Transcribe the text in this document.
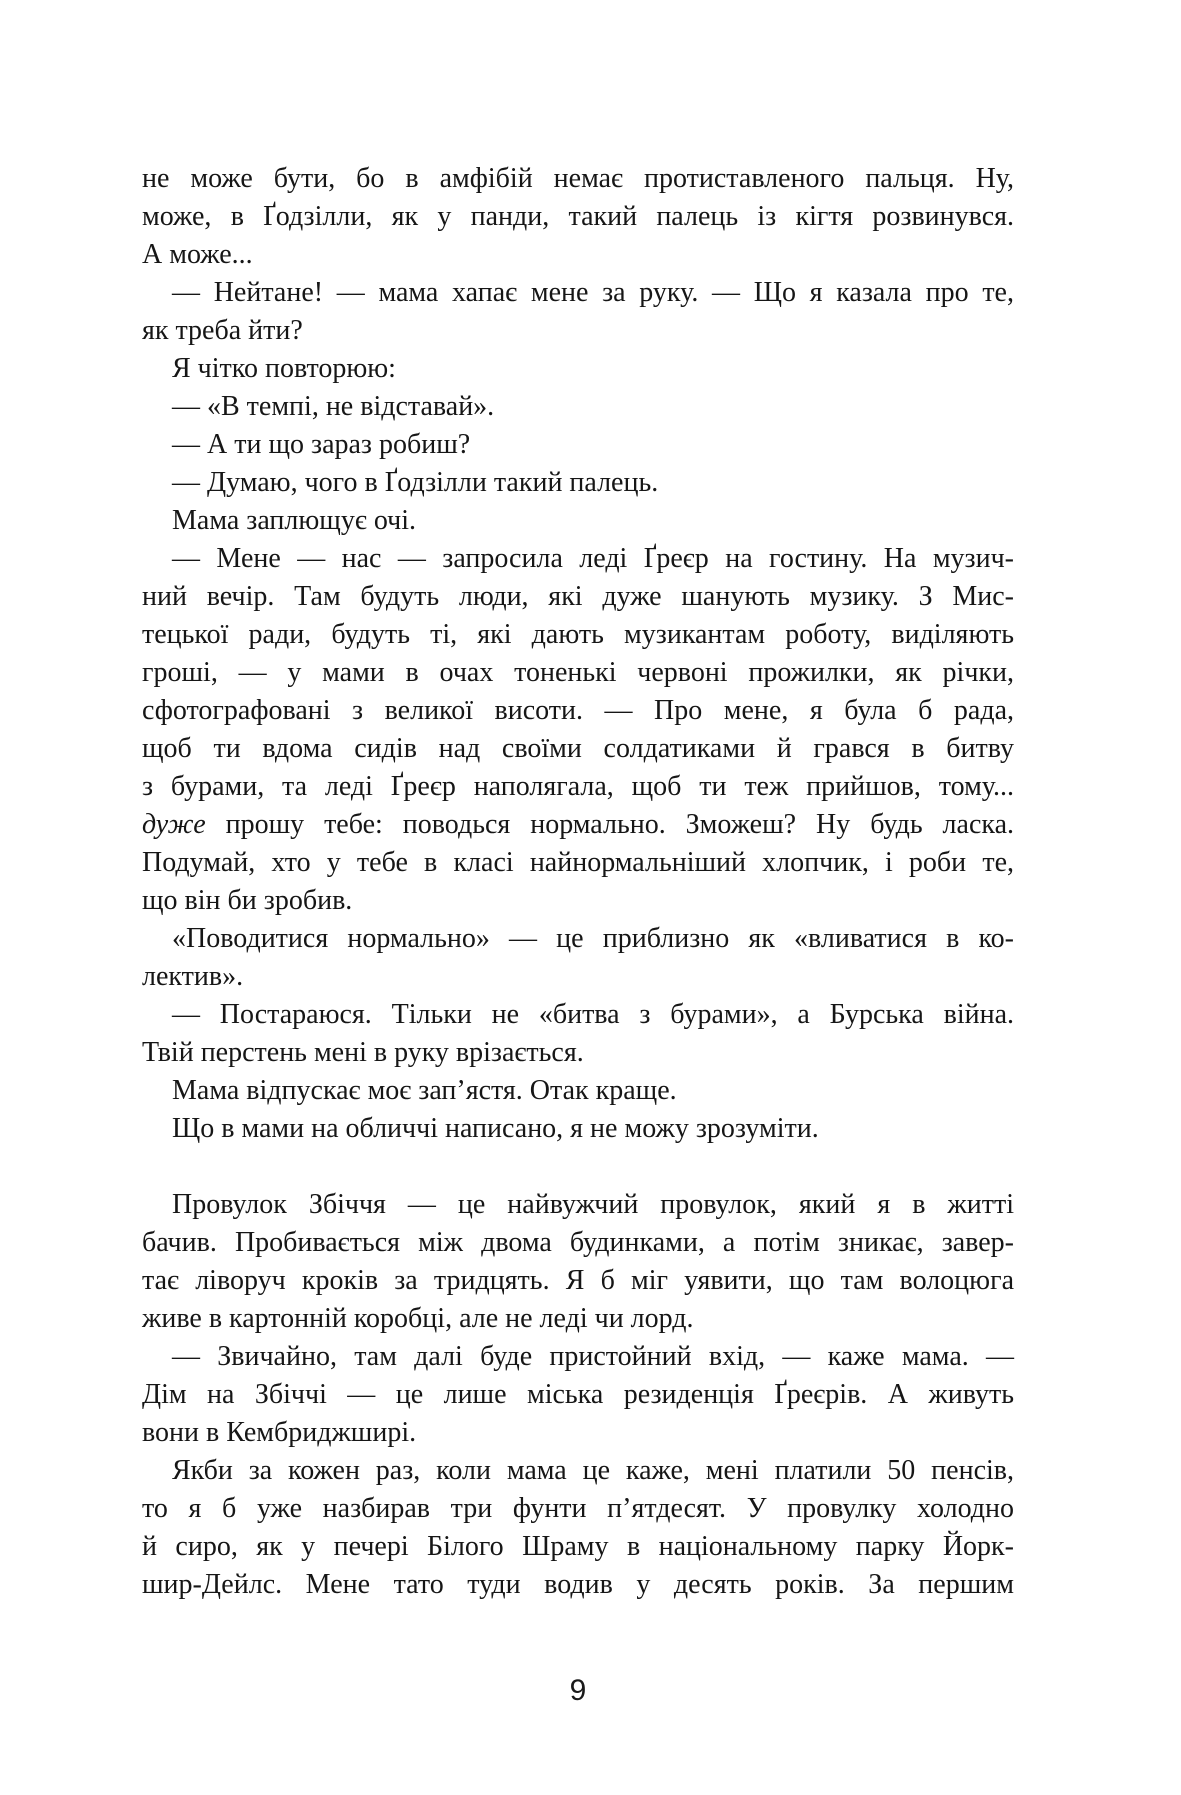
не може бути, бо в амфібій немає протиставленого пальця. Ну,
може, в Ґодзілли, як у панди, такий палець із кігтя розвинувся.
А може...
— Нейтане! — мама хапає мене за руку. — Що я казала про те,
як треба йти?
Я чітко повторюю:
— «В темпі, не відставай».
— А ти що зараз робиш?
— Думаю, чого в Ґодзілли такий палець.
Мама заплющує очі.
— Мене — нас — запросила леді Ґреєр на гостину. На музич-
ний вечір. Там будуть люди, які дуже шанують музику. З Мис-
тецької ради, будуть ті, які дають музикантам роботу, виділяють
гроші, — у мами в очах тоненькі червоні прожилки, як річки,
сфотографовані з великої висоти. — Про мене, я була б рада,
щоб ти вдома сидів над своїми солдатиками й грався в битву
з бурами, та леді Ґреєр наполягала, щоб ти теж прийшов, тому...
дуже прошу тебе: поводься нормально. Зможеш? Ну будь ласка.
Подумай, хто у тебе в класі найнормальніший хлопчик, і роби те,
що він би зробив.
«Поводитися нормально» — це приблизно як «вливатися в ко-
лектив».
— Постараюся. Тільки не «битва з бурами», а Бурська війна.
Твій перстень мені в руку врізається.
Мама відпускає моє зап’ястя. Отак краще.
Що в мами на обличчі написано, я не можу зрозуміти.
Провулок Збіччя — це найвужчий провулок, який я в житті
бачив. Пробивається між двома будинками, а потім зникає, завер-
тає ліворуч кроків за тридцять. Я б міг уявити, що там волоцюга
живе в картонній коробці, але не леді чи лорд.
— Звичайно, там далі буде пристойний вхід, — каже мама. —
Дім на Збіччі — це лише міська резиденція Ґреєрів. А живуть
вони в Кембриджширі.
Якби за кожен раз, коли мама це каже, мені платили 50 пенсів,
то я б уже назбирав три фунти п’ятдесят. У провулку холодно
й сиро, як у печері Білого Шраму в національному парку Йорк-
шир-Дейлс. Мене тато туди водив у десять років. За першим
9
